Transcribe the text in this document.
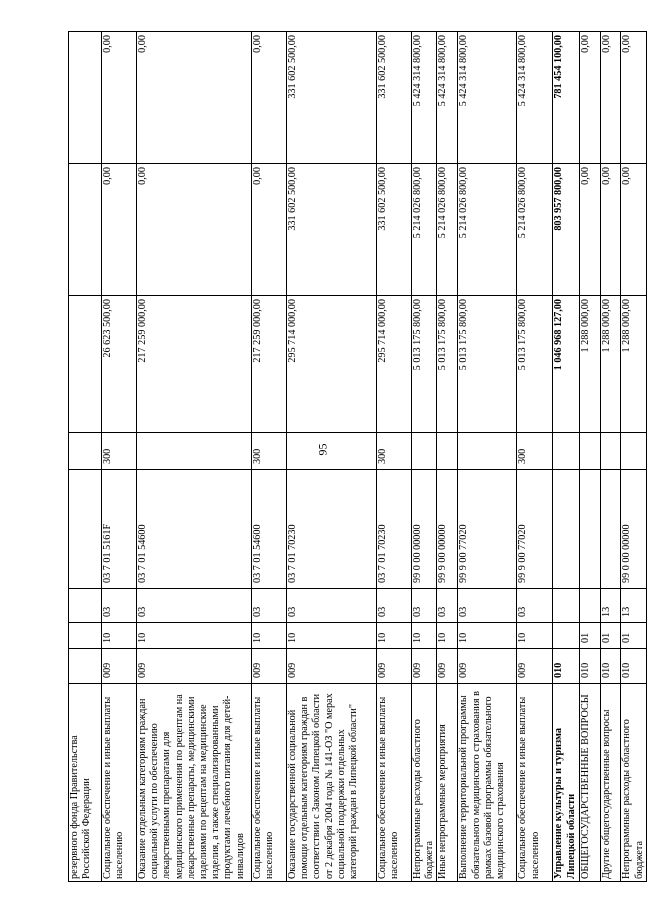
95
резервного фонда Правительства Российской Федерации								
Социальное обеспечение и иные выплаты населению	009	10	03	03 7 01 5161F	300	26 623 500,00	0,00	0,00
Оказание отдельным категориям граждан социальной услуги по обеспечению лекарственными препаратами для медицинского применения по рецептам на лекарственные препараты, медицинскими изделиями по рецептам на медицинские изделия, а также специализированными продуктами лечебного питания для детей-инвалидов	009	10	03	03 7 01 54600		217 259 000,00	0,00	0,00
Социальное обеспечение и иные выплаты населению	009	10	03	03 7 01 54600	300	217 259 000,00	0,00	0,00
Оказание государственной социальной помощи отдельным категориям граждан в соответствии с Законом Липецкой области от 2 декабря 2004 года № 141-ОЗ "О мерах социальной поддержки отдельных категорий граждан в Липецкой области"	009	10	03	03 7 01 70230		295 714 000,00	331 602 500,00	331 602 500,00
Социальное обеспечение и иные выплаты населению	009	10	03	03 7 01 70230	300	295 714 000,00	331 602 500,00	331 602 500,00
Непрограммные расходы областного бюджета	009	10	03	99 0 00 00000		5 013 175 800,00	5 214 026 800,00	5 424 314 800,00
Иные непрограммные мероприятия	009	10	03	99 9 00 00000		5 013 175 800,00	5 214 026 800,00	5 424 314 800,00
Выполнение территориальной программы обязательного медицинского страхования в рамках базовой программы обязательного медицинского страхования	009	10	03	99 9 00 77020		5 013 175 800,00	5 214 026 800,00	5 424 314 800,00
Социальное обеспечение и иные выплаты населению	009	10	03	99 9 00 77020	300	5 013 175 800,00	5 214 026 800,00	5 424 314 800,00
Управление культуры и туризма Липецкой области	010					1 046 968 127,00	803 957 800,00	781 454 100,00
ОБЩЕГОСУДАРСТВЕННЫЕ ВОПРОСЫ	010	01				1 288 000,00	0,00	0,00
Другие общегосударственные вопросы	010	01	13			1 288 000,00	0,00	0,00
Непрограммные расходы областного бюджета	010	01	13	99 0 00 00000		1 288 000,00	0,00	0,00
